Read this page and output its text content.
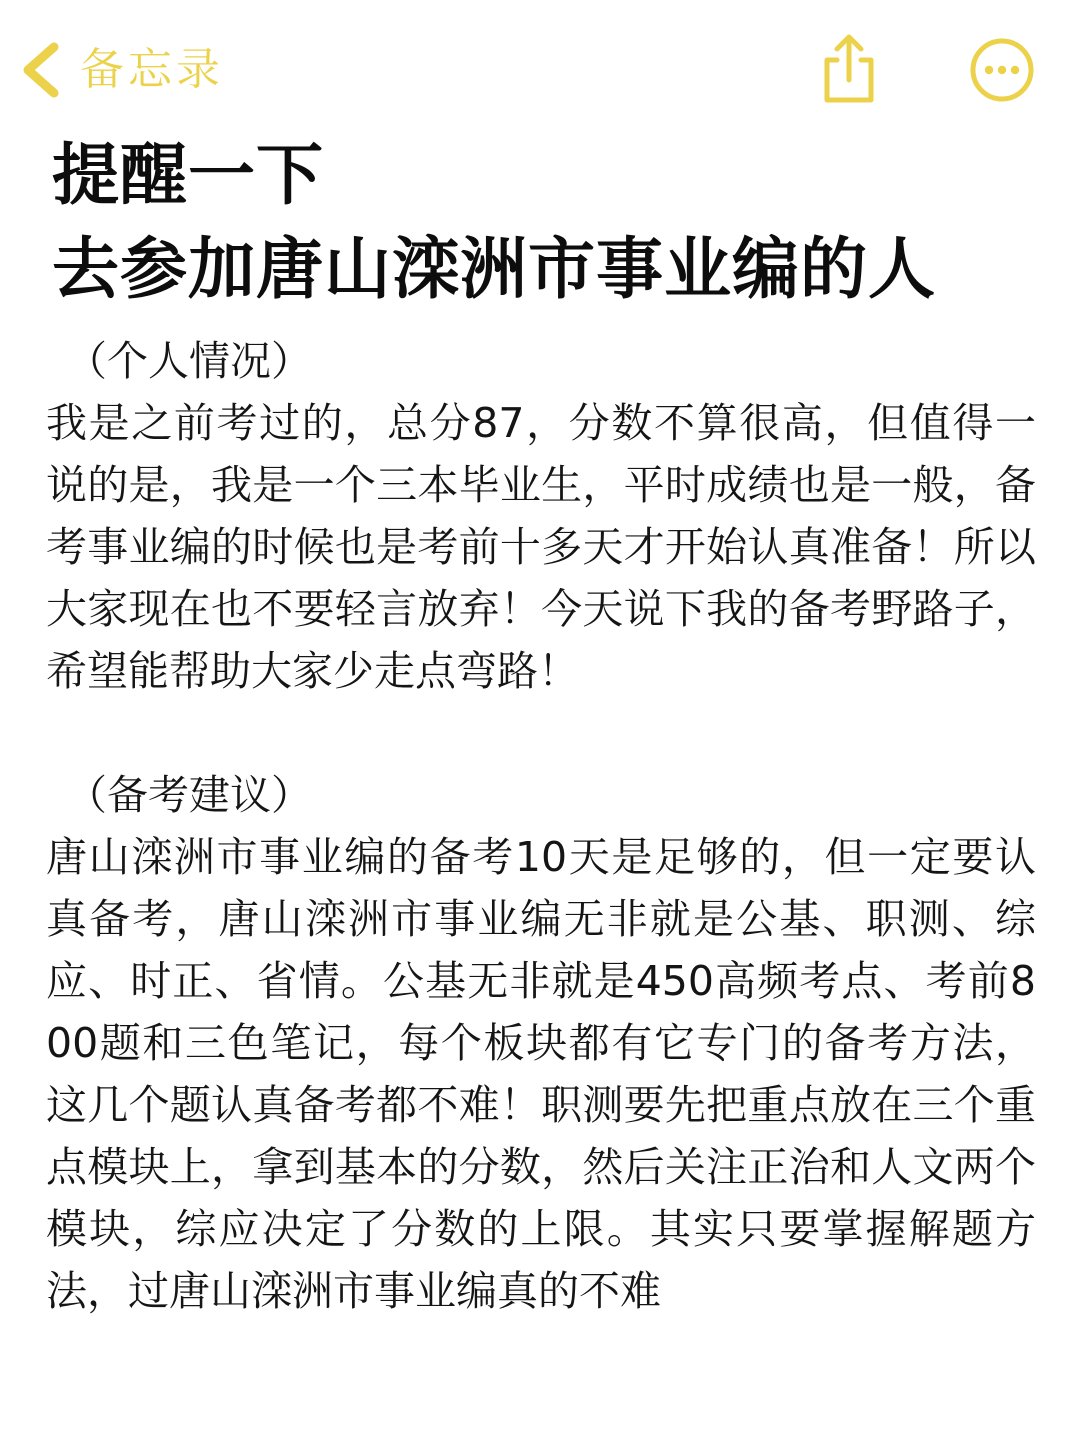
备忘录
提醒一下
去参加唐山滦洲市事业编的人

（个人情况）

我是之前考过的，总分87，分数不算很高，但值得一说的是，我是一个三本毕业生，平时成绩也是一般，备考事业编的时候也是考前十多天才开始认真准备！所以大家现在也不要轻言放弃！今天说下我的备考野路子，希望能帮助大家少走点弯路！

（备考建议）

唐山滦洲市事业编的备考10天是足够的，但一定要认真备考，唐山滦洲市事业编无非就是公基、职测、综应、时正、省情。公基无非就是450高频考点、考前800题和三色笔记，每个板块都有它专门的备考方法，这几个题认真备考都不难！职测要先把重点放在三个重点模块上，拿到基本的分数，然后关注正治和人文两个模块，综应决定了分数的上限。其实只要掌握解题方法，过唐山滦洲市事业编真的不难
